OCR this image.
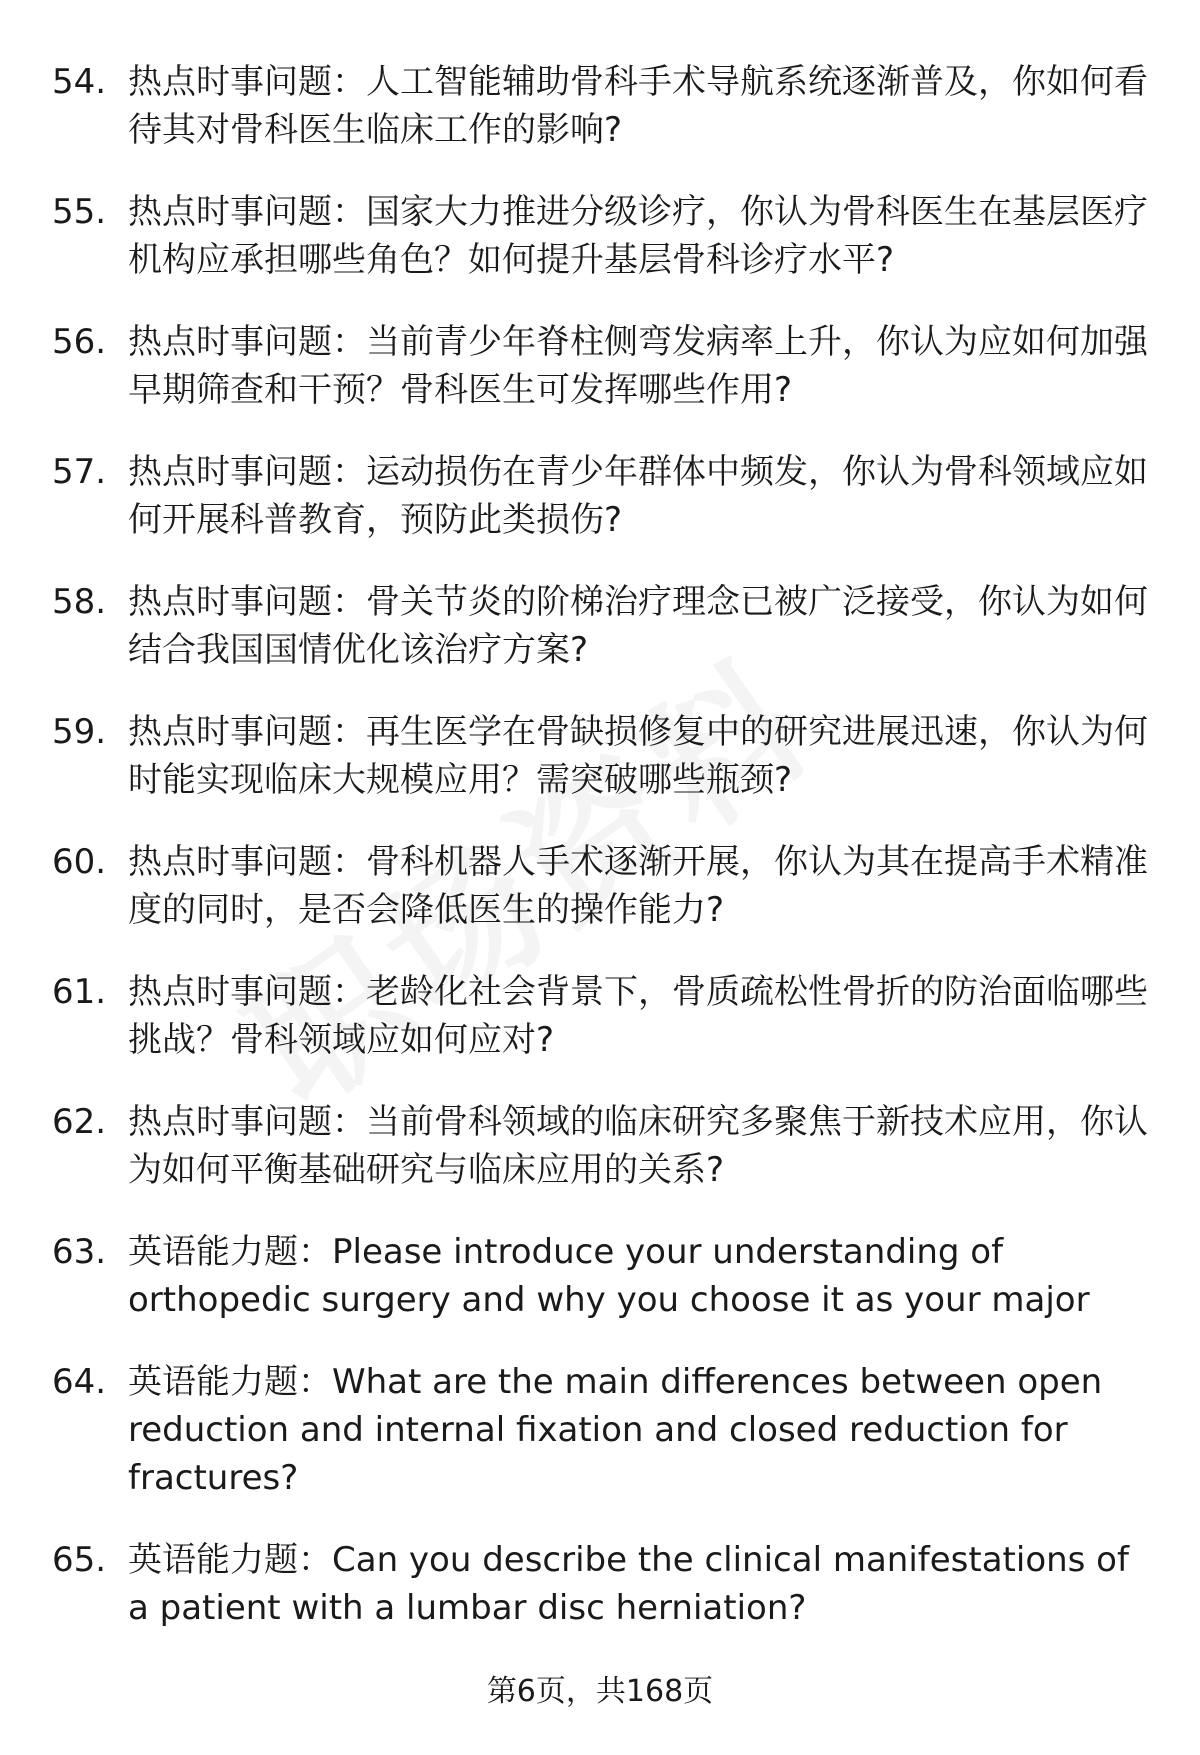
54. 热点时事问题：人工智能辅助骨科手术导航系统逐渐普及，你如何看待其对骨科医生临床工作的影响?
55. 热点时事问题：国家大力推进分级诊疗，你认为骨科医生在基层医疗机构应承担哪些角色？如何提升基层骨科诊疗水平?
56. 热点时事问题：当前青少年脊柱侧弯发病率上升，你认为应如何加强早期筛查和干预？骨科医生可发挥哪些作用?
57. 热点时事问题：运动损伤在青少年群体中频发，你认为骨科领域应如何开展科普教育，预防此类损伤?
58. 热点时事问题：骨关节炎的阶梯治疗理念已被广泛接受，你认为如何结合我国国情优化该治疗方案?
59. 热点时事问题：再生医学在骨缺损修复中的研究进展迅速，你认为何时能实现临床大规模应用？需突破哪些瓶颈?
60. 热点时事问题：骨科机器人手术逐渐开展，你认为其在提高手术精准度的同时，是否会降低医生的操作能力?
61. 热点时事问题：老龄化社会背景下，骨质疏松性骨折的防治面临哪些挑战？骨科领域应如何应对?
62. 热点时事问题：当前骨科领域的临床研究多聚焦于新技术应用，你认为如何平衡基础研究与临床应用的关系?
63. 英语能力题：Please introduce your understanding of orthopedic surgery and why you choose it as your major
64. 英语能力题：What are the main differences between open reduction and internal fixation and closed reduction for fractures?
65. 英语能力题：Can you describe the clinical manifestations of a patient with a lumbar disc herniation?
第6页，共168页
